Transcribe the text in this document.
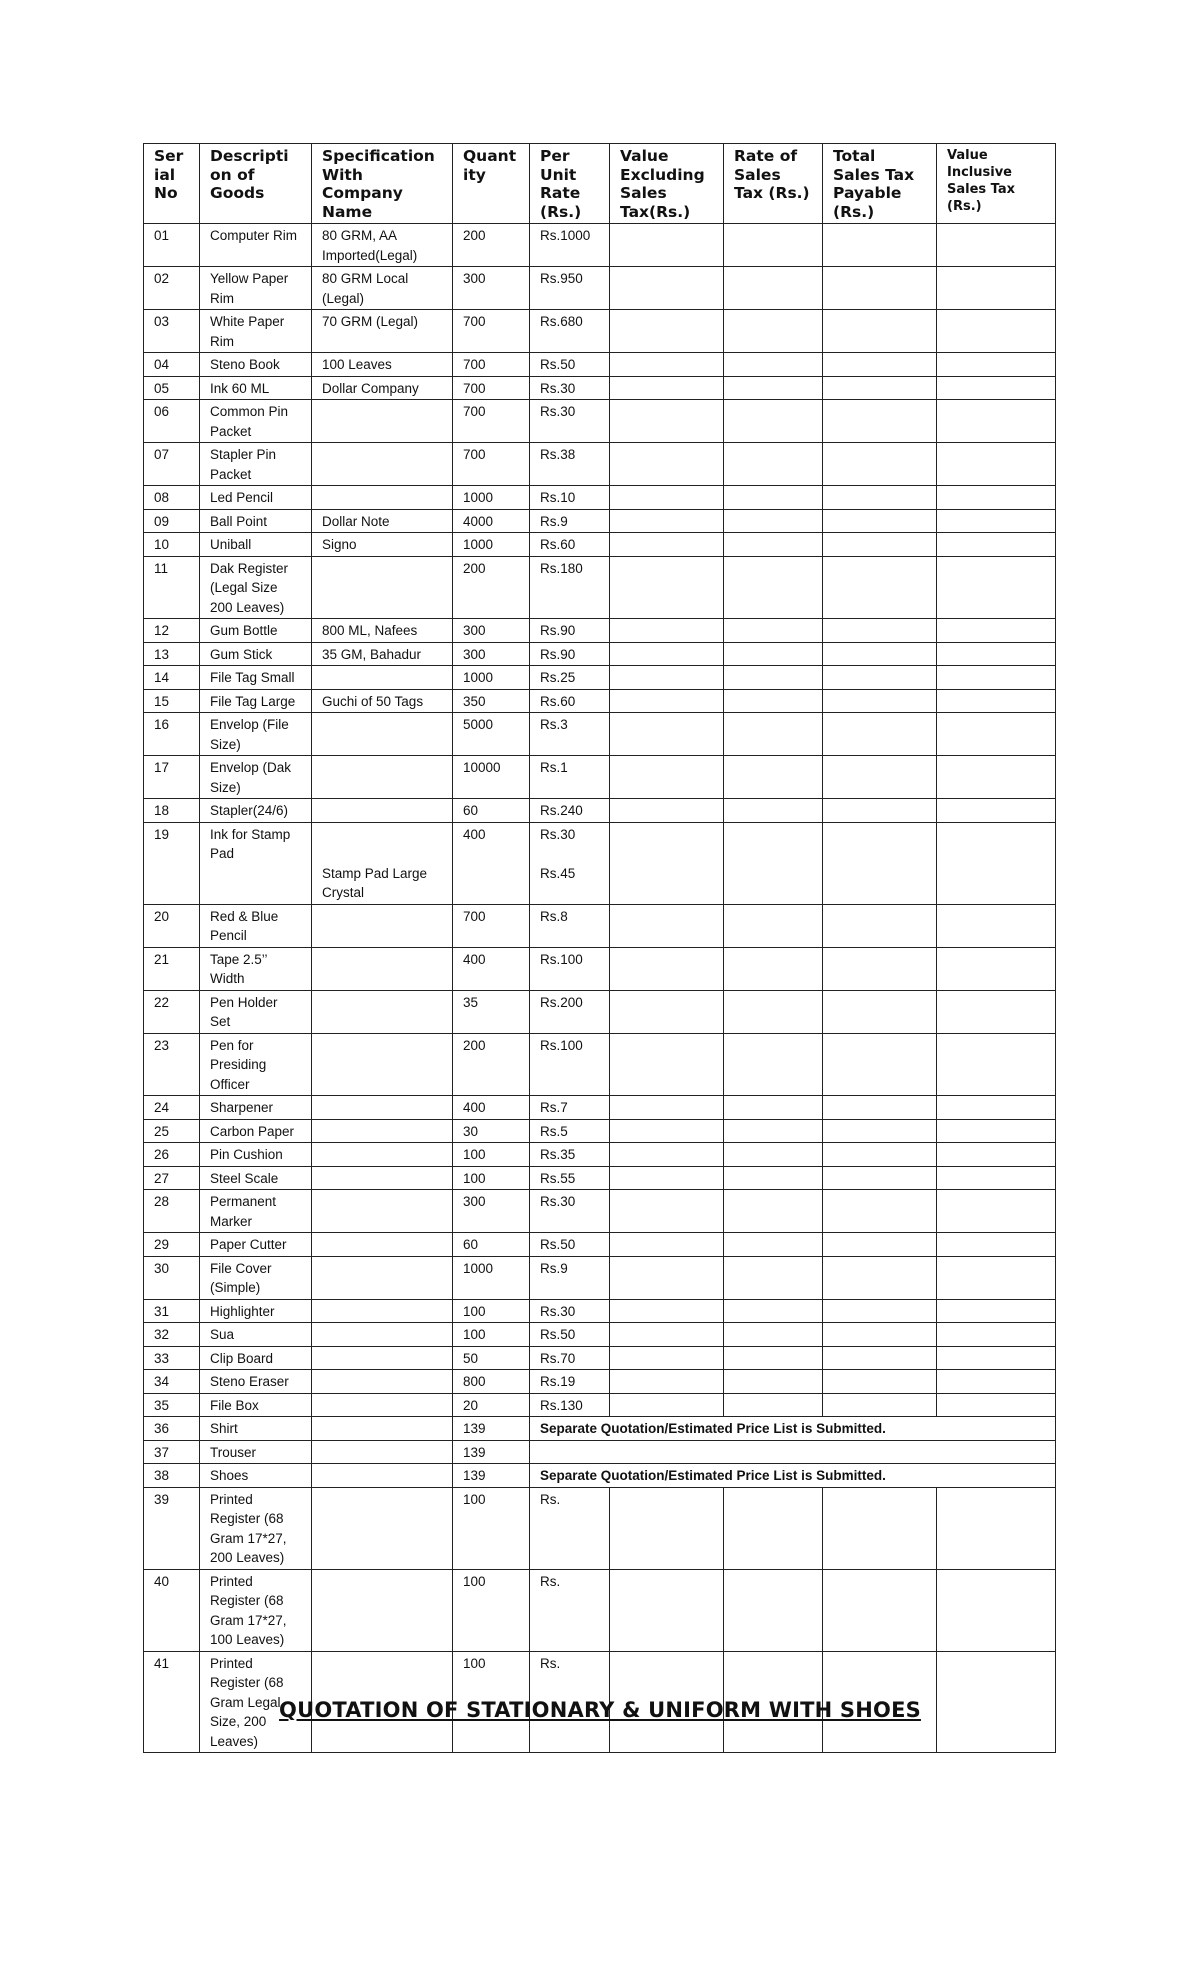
Ser ial No	Descripti on of Goods	Specification With Company Name	Quant ity	Per Unit Rate (Rs.)	Value Excluding Sales Tax(Rs.)	Rate of Sales Tax (Rs.)	Total Sales Tax Payable (Rs.)	Value Inclusive Sales Tax (Rs.)
01	Computer Rim	80 GRM, AA Imported(Legal)	200	Rs.1000				
02	Yellow Paper Rim	80 GRM Local (Legal)	300	Rs.950				
03	White Paper Rim	70 GRM (Legal)	700	Rs.680				
04	Steno Book	100 Leaves	700	Rs.50				
05	Ink 60 ML	Dollar Company	700	Rs.30				
06	Common Pin Packet		700	Rs.30				
07	Stapler Pin Packet		700	Rs.38				
08	Led Pencil		1000	Rs.10				
09	Ball Point	Dollar Note	4000	Rs.9				
10	Uniball	Signo	1000	Rs.60				
11	Dak Register (Legal Size 200 Leaves)		200	Rs.180				
12	Gum Bottle	800 ML, Nafees	300	Rs.90				
13	Gum Stick	35 GM, Bahadur	300	Rs.90				
14	File Tag Small		1000	Rs.25				
15	File Tag Large	Guchi of 50 Tags	350	Rs.60				
16	Envelop (File Size)		5000	Rs.3				
17	Envelop (Dak Size)		10000	Rs.1				
18	Stapler(24/6)		60	Rs.240				
19	Ink for Stamp Pad	Stamp Pad Large Crystal	400	Rs.30
Rs.45				

20	Red & Blue Pencil		700	Rs.8				
21	Tape 2.5’’ Width		400	Rs.100				
22	Pen Holder Set		35	Rs.200				
23	Pen for Presiding Officer		200	Rs.100				
24	Sharpener		400	Rs.7				
25	Carbon Paper		30	Rs.5				
26	Pin Cushion		100	Rs.35				
27	Steel Scale		100	Rs.55				
28	Permanent Marker		300	Rs.30				
29	Paper Cutter		60	Rs.50				
30	File Cover (Simple)		1000	Rs.9				
31	Highlighter		100	Rs.30				
32	Sua		100	Rs.50				
33	Clip Board		50	Rs.70				
34	Steno Eraser		800	Rs.19				
35	File Box		20	Rs.130				
36	Shirt		139	Separate Quotation/Estimated Price List is Submitted.				
37	Trouser		139					
38	Shoes		139	Separate Quotation/Estimated Price List is Submitted.				
39	Printed Register (68 Gram 17*27, 200 Leaves)		100	Rs.				
40	Printed Register (68 Gram 17*27, 100 Leaves)		100	Rs.				
41	Printed Register (68 Gram Legal Size, 200 Leaves)		100	Rs.				
QUOTATION OF STATIONARY & UNIFORM WITH SHOES
